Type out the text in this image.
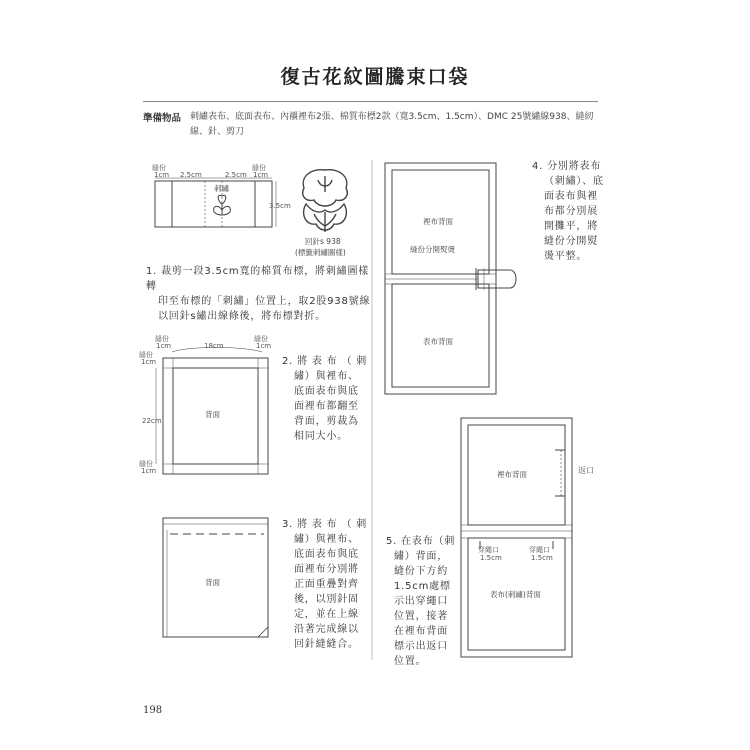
復古花紋圖騰束口袋
準備物品 刺繡表布、底面表布、內襯裡布2張、棉質布標2款（寬3.5cm、1.5cm）、DMC 25號繡線938、縫紉線、針、剪刀
縫份
1cm 2.5cm	2.5cm
縫份
1cm
3.5cm
刺繡
回針s 938
(標籤刺繡圖樣)
1. 裁剪一段3.5cm寬的棉質布標，將刺繡圖樣轉
印至布標的「刺繡」位置上，取2股938號線
以回針s繡出線條後，將布標對折。
縫份
1cm	18cm
縫份
1cm
縫份
1cm
22cm
縫份
1cm
背面
2. 將 表 布 （ 刺
繡）與裡布、
底面表布與底
面裡布都翻至
背面，剪裁為
相同大小。
背面
3. 將 表 布 （ 刺
繡）與裡布、
底面表布與底
面裡布分別將
正面重疊對齊
後，以別針固
定，並在上線
沿著完成線以
回針縫縫合。
裡布背面
縫份分開熨燙
表布背面
4. 分別將表布
（刺繡）、底
面表布與裡
布都分別展
開攤平，將
縫份分開熨
燙平整。
裡布背面	返口
穿繩口
1.5cm
穿繩口
1.5cm
表布(刺繡)背面
5. 在表布（刺
繡）背面，
縫份下方約
1.5cm處標
示出穿繩口
位置，接著
在裡布背面
標示出返口
位置。
198
